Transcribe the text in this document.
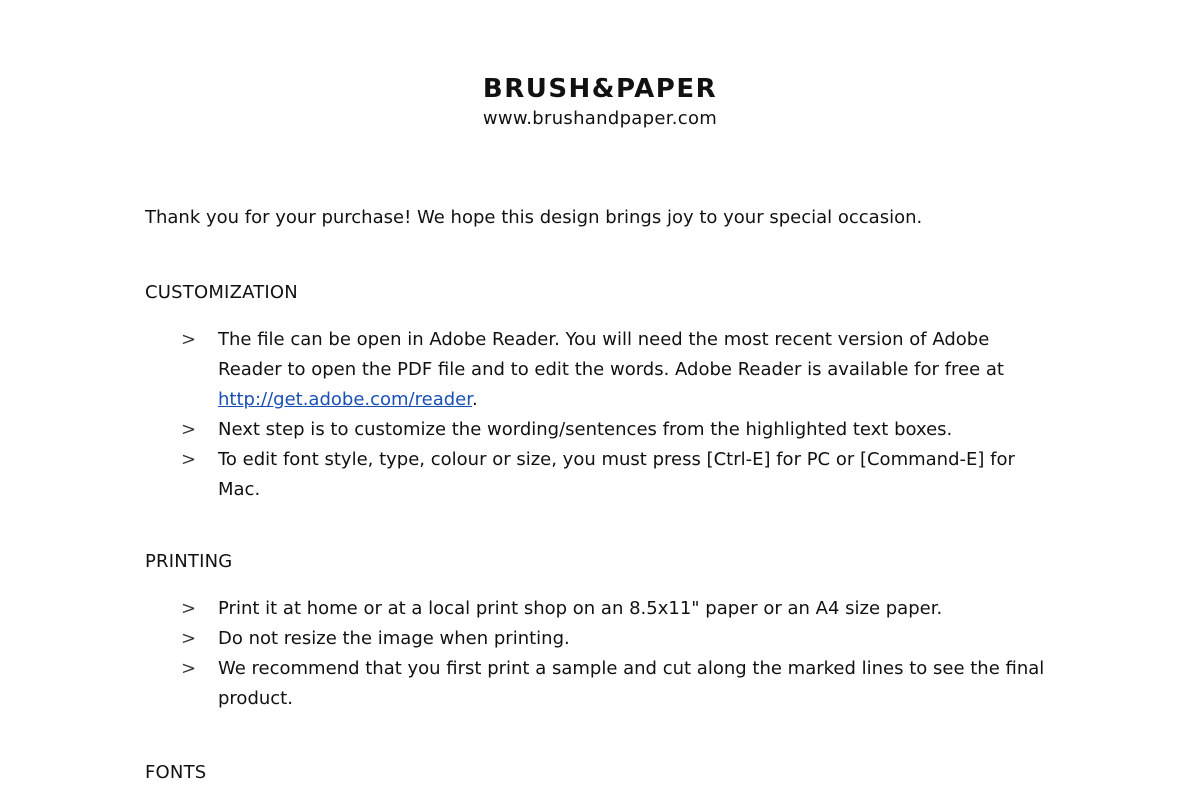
BRUSH&PAPER
www.brushandpaper.com
Thank you for your purchase! We hope this design brings joy to your special occasion.
CUSTOMIZATION
> The file can be open in Adobe Reader. You will need the most recent version of Adobe Reader to open the PDF file and to edit the words. Adobe Reader is available for free at http://get.adobe.com/reader.
> Next step is to customize the wording/sentences from the highlighted text boxes.
> To edit font style, type, colour or size, you must press [Ctrl-E] for PC or [Command-E] for Mac.
PRINTING
> Print it at home or at a local print shop on an 8.5x11" paper or an A4 size paper.
> Do not resize the image when printing.
> We recommend that you first print a sample and cut along the marked lines to see the final product.
FONTS
